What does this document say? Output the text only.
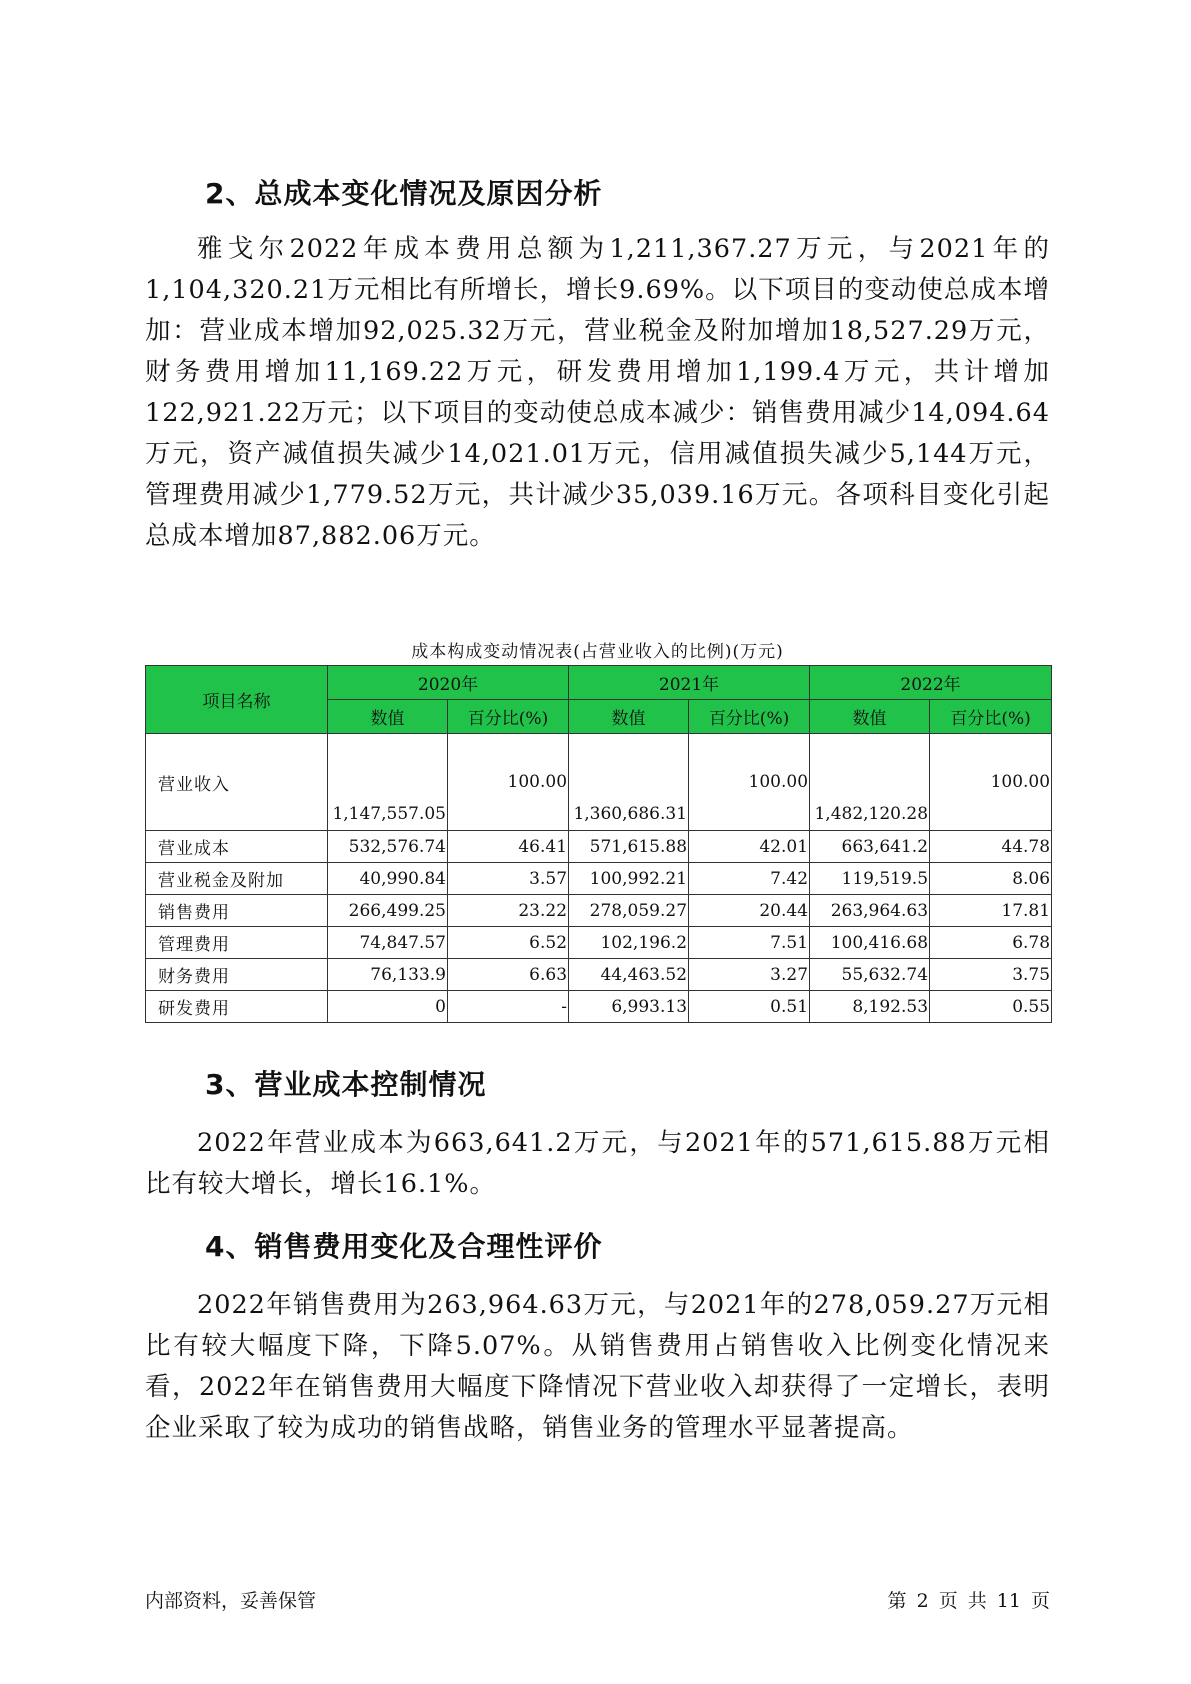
2、总成本变化情况及原因分析

雅戈尔2022年成本费用总额为1,211,367.27万元，与2021年的1,104,320.21万元相比有所增长，增长9.69%。以下项目的变动使总成本增加：营业成本增加92,025.32万元，营业税金及附加增加18,527.29万元，财务费用增加11,169.22万元，研发费用增加1,199.4万元，共计增加122,921.22万元；以下项目的变动使总成本减少：销售费用减少14,094.64万元，资产减值损失减少14,021.01万元，信用减值损失减少5,144万元，管理费用减少1,779.52万元，共计减少35,039.16万元。各项科目变化引起总成本增加87,882.06万元。

成本构成变动情况表(占营业收入的比例)(万元)
项目名称	2020年		2021年		2022年	
	数值	百分比(%)	数值	百分比(%)	数值	百分比(%)
营业收入	1,147,557.05	100.00	1,360,686.31	100.00	1,482,120.28	100.00
营业成本	532,576.74	46.41	571,615.88	42.01	663,641.2	44.78
营业税金及附加	40,990.84	3.57	100,992.21	7.42	119,519.5	8.06
销售费用	266,499.25	23.22	278,059.27	20.44	263,964.63	17.81
管理费用	74,847.57	6.52	102,196.2	7.51	100,416.68	6.78
财务费用	76,133.9	6.63	44,463.52	3.27	55,632.74	3.75
研发费用	0	-	6,993.13	0.51	8,192.53	0.55
3、营业成本控制情况

2022年营业成本为663,641.2万元，与2021年的571,615.88万元相比有较大增长，增长16.1%。

4、销售费用变化及合理性评价

2022年销售费用为263,964.63万元，与2021年的278,059.27万元相比有较大幅度下降，下降5.07%。从销售费用占销售收入比例变化情况来看，2022年在销售费用大幅度下降情况下营业收入却获得了一定增长，表明企业采取了较为成功的销售战略，销售业务的管理水平显著提高。

内部资料，妥善保管	第 2 页 共 11 页
